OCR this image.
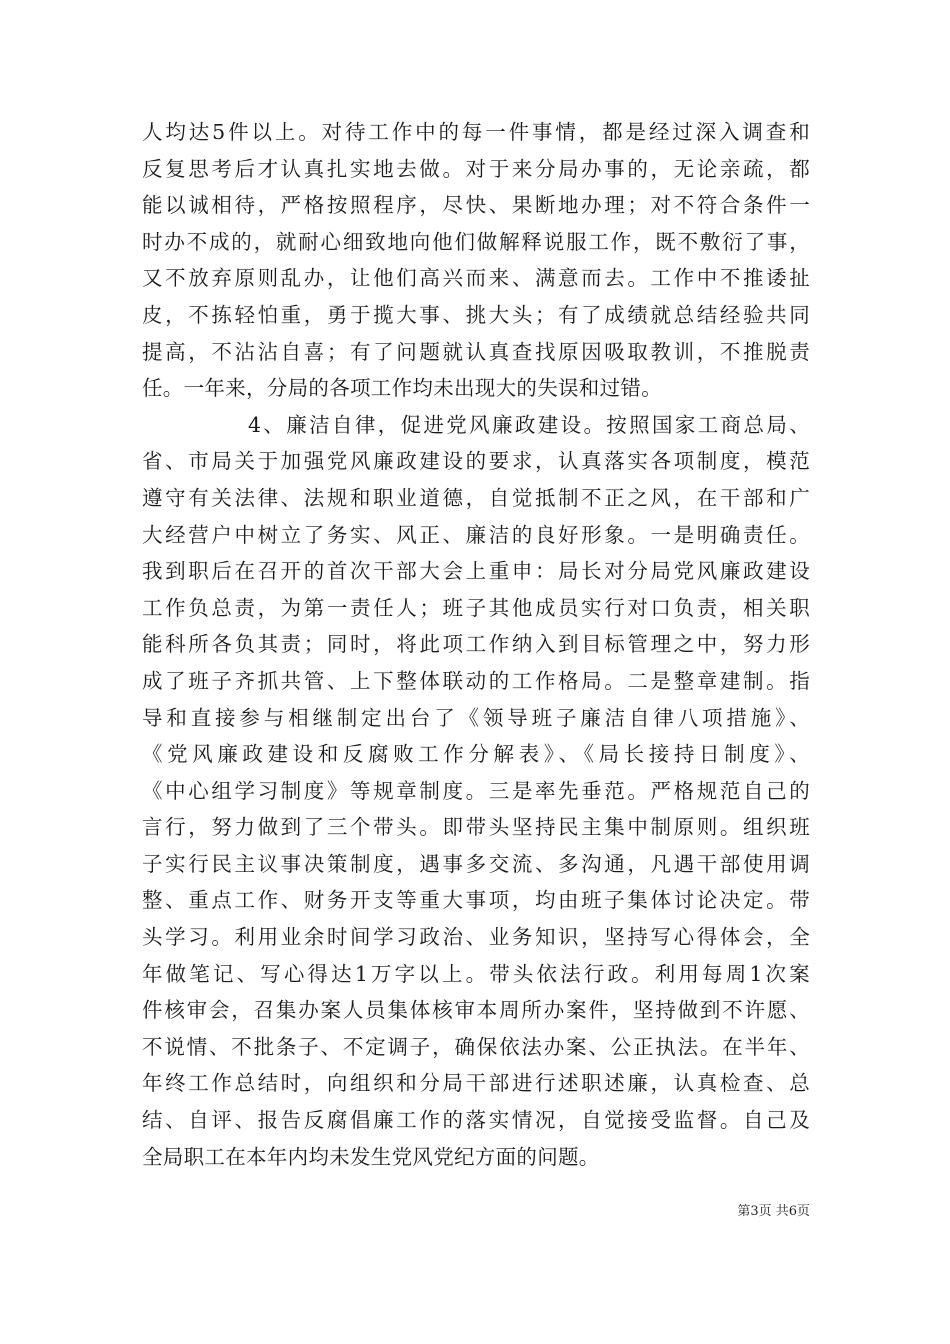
人均达5件以上。对待工作中的每一件事情，都是经过深入调查和
反复思考后才认真扎实地去做。对于来分局办事的，无论亲疏，都
能以诚相待，严格按照程序，尽快、果断地办理；对不符合条件一
时办不成的，就耐心细致地向他们做解释说服工作，既不敷衍了事，
又不放弃原则乱办，让他们高兴而来、满意而去。工作中不推诿扯
皮，不拣轻怕重，勇于揽大事、挑大头；有了成绩就总结经验共同
提高，不沾沾自喜；有了问题就认真查找原因吸取教训，不推脱责
任。一年来，分局的各项工作均未出现大的失误和过错。
4、廉洁自律，促进党风廉政建设。按照国家工商总局、
省、市局关于加强党风廉政建设的要求，认真落实各项制度，模范
遵守有关法律、法规和职业道德，自觉抵制不正之风，在干部和广
大经营户中树立了务实、风正、廉洁的良好形象。一是明确责任。
我到职后在召开的首次干部大会上重申：局长对分局党风廉政建设
工作负总责，为第一责任人；班子其他成员实行对口负责，相关职
能科所各负其责；同时，将此项工作纳入到目标管理之中，努力形
成了班子齐抓共管、上下整体联动的工作格局。二是整章建制。指
导和直接参与相继制定出台了《领导班子廉洁自律八项措施》、
《党风廉政建设和反腐败工作分解表》、《局长接持日制度》、
《中心组学习制度》等规章制度。三是率先垂范。严格规范自己的
言行，努力做到了三个带头。即带头坚持民主集中制原则。组织班
子实行民主议事决策制度，遇事多交流、多沟通，凡遇干部使用调
整、重点工作、财务开支等重大事项，均由班子集体讨论决定。带
头学习。利用业余时间学习政治、业务知识，坚持写心得体会，全
年做笔记、写心得达1万字以上。带头依法行政。利用每周1次案
件核审会，召集办案人员集体核审本周所办案件，坚持做到不许愿、
不说情、不批条子、不定调子，确保依法办案、公正执法。在半年、
年终工作总结时，向组织和分局干部进行述职述廉，认真检查、总
结、自评、报告反腐倡廉工作的落实情况，自觉接受监督。自己及
全局职工在本年内均未发生党风党纪方面的问题。
第3页 共6页
